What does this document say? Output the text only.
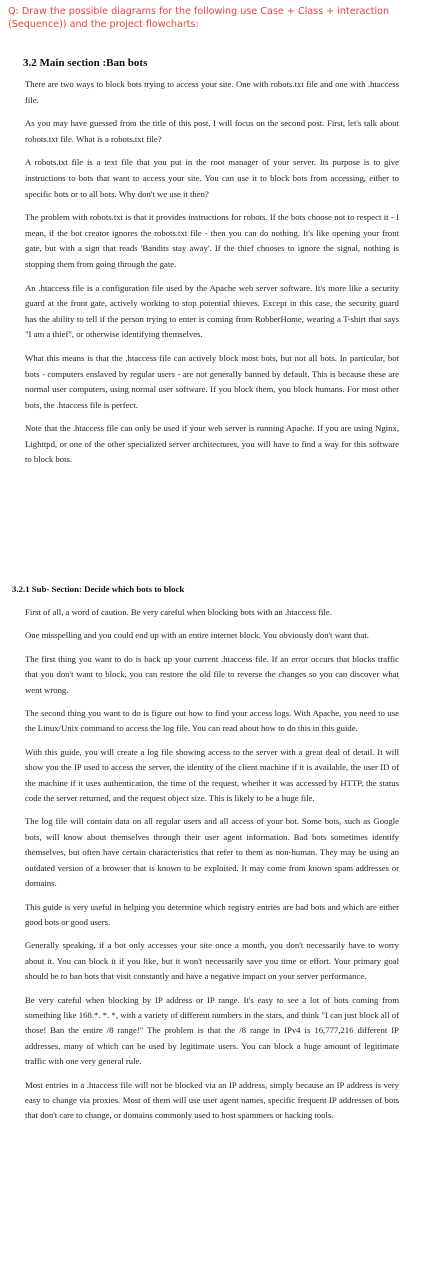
Q: Draw the possible diagrams for the following use Case + Class + interaction (Sequence)) and the project flowcharts:

3.2 Main section :Ban bots

There are two ways to block bots trying to access your site. One with robots.txt file and one with .htaccess file.

As you may have guessed from the title of this post, I will focus on the second post. First, let's talk about robots.txt file. What is a robots.txt file?

A robots.txt file is a text file that you put in the root manager of your server. Its purpose is to give instructions to bots that want to access your site. You can use it to block bots from accessing, either to specific bots or to all bots. Why don't we use it then?

The problem with robots.txt is that it provides instructions for robots. If the bots choose not to respect it - I mean, if the bot creator ignores the robots.txt file - then you can do nothing. It's like opening your front gate, but with a sign that reads 'Bandits stay away'. If the thief chooses to ignore the signal, nothing is stopping them from going through the gate.

An .htaccess file is a configuration file used by the Apache web server software. It's more like a security guard at the front gate, actively working to stop potential thieves. Except in this case, the security guard has the ability to tell if the person trying to enter is coming from RobberHome, wearing a T-shirt that says "I am a thief", or otherwise identifying themselves.

What this means is that the .htaccess file can actively block most bots, but not all bots. In particular, bot bots - computers enslaved by regular users - are not generally banned by default. This is because these are normal user computers, using normal user software. If you block them, you block humans. For most other bots, the .htaccess file is perfect.

Note that the .htaccess file can only be used if your web server is running Apache. If you are using Nginx, Lighttpd, or one of the other specialized server architectures, you will have to find a way for this software to block bots.

3.2.1 Sub- Section: Decide which bots to block

First of all, a word of caution. Be very careful when blocking bots with an .htaccess file.

One misspelling and you could end up with an entire internet block. You obviously don't want that.

The first thing you want to do is back up your current .htaccess file. If an error occurs that blocks traffic that you don't want to block, you can restore the old file to reverse the changes so you can discover what went wrong.

The second thing you want to do is figure out how to find your access logs. With Apache, you need to use the Linux/Unix command to access the log file. You can read about how to do this in this guide.

With this guide, you will create a log file showing access to the server with a great deal of detail. It will show you the IP used to access the server, the identity of the client machine if it is available, the user ID of the machine if it uses authentication, the time of the request, whether it was accessed by HTTP, the status code the server returned, and the request object size. This is likely to be a huge file.

The log file will contain data on all regular users and all access of your bot. Some bots, such as Google bots, will know about themselves through their user agent information. Bad bots sometimes identify themselves, but often have certain characteristics that refer to them as non-human. They may be using an outdated version of a browser that is known to be exploited. It may come from known spam addresses or domains.

This guide is very useful in helping you determine which registry entries are bad bots and which are either good bots or good users.

Generally speaking, if a bot only accesses your site once a month, you don't necessarily have to worry about it. You can block it if you like, but it won't necessarily save you time or effort. Your primary goal should be to ban bots that visit constantly and have a negative impact on your server performance.

Be very careful when blocking by IP address or IP range. It's easy to see a lot of bots coming from something like 168.*. *. *, with a variety of different numbers in the stars, and think "I can just block all of those! Ban the entire /8 range!" The problem is that the /8 range in IPv4 is 16,777,216 different IP addresses, many of which can be used by legitimate users. You can block a huge amount of legitimate traffic with one very general rule.

Most entries in a .htaccess file will not be blocked via an IP address, simply because an IP address is very easy to change via proxies. Most of them will use user agent names, specific frequent IP addresses of bots that don't care to change, or domains commonly used to host spammers or hacking tools.
